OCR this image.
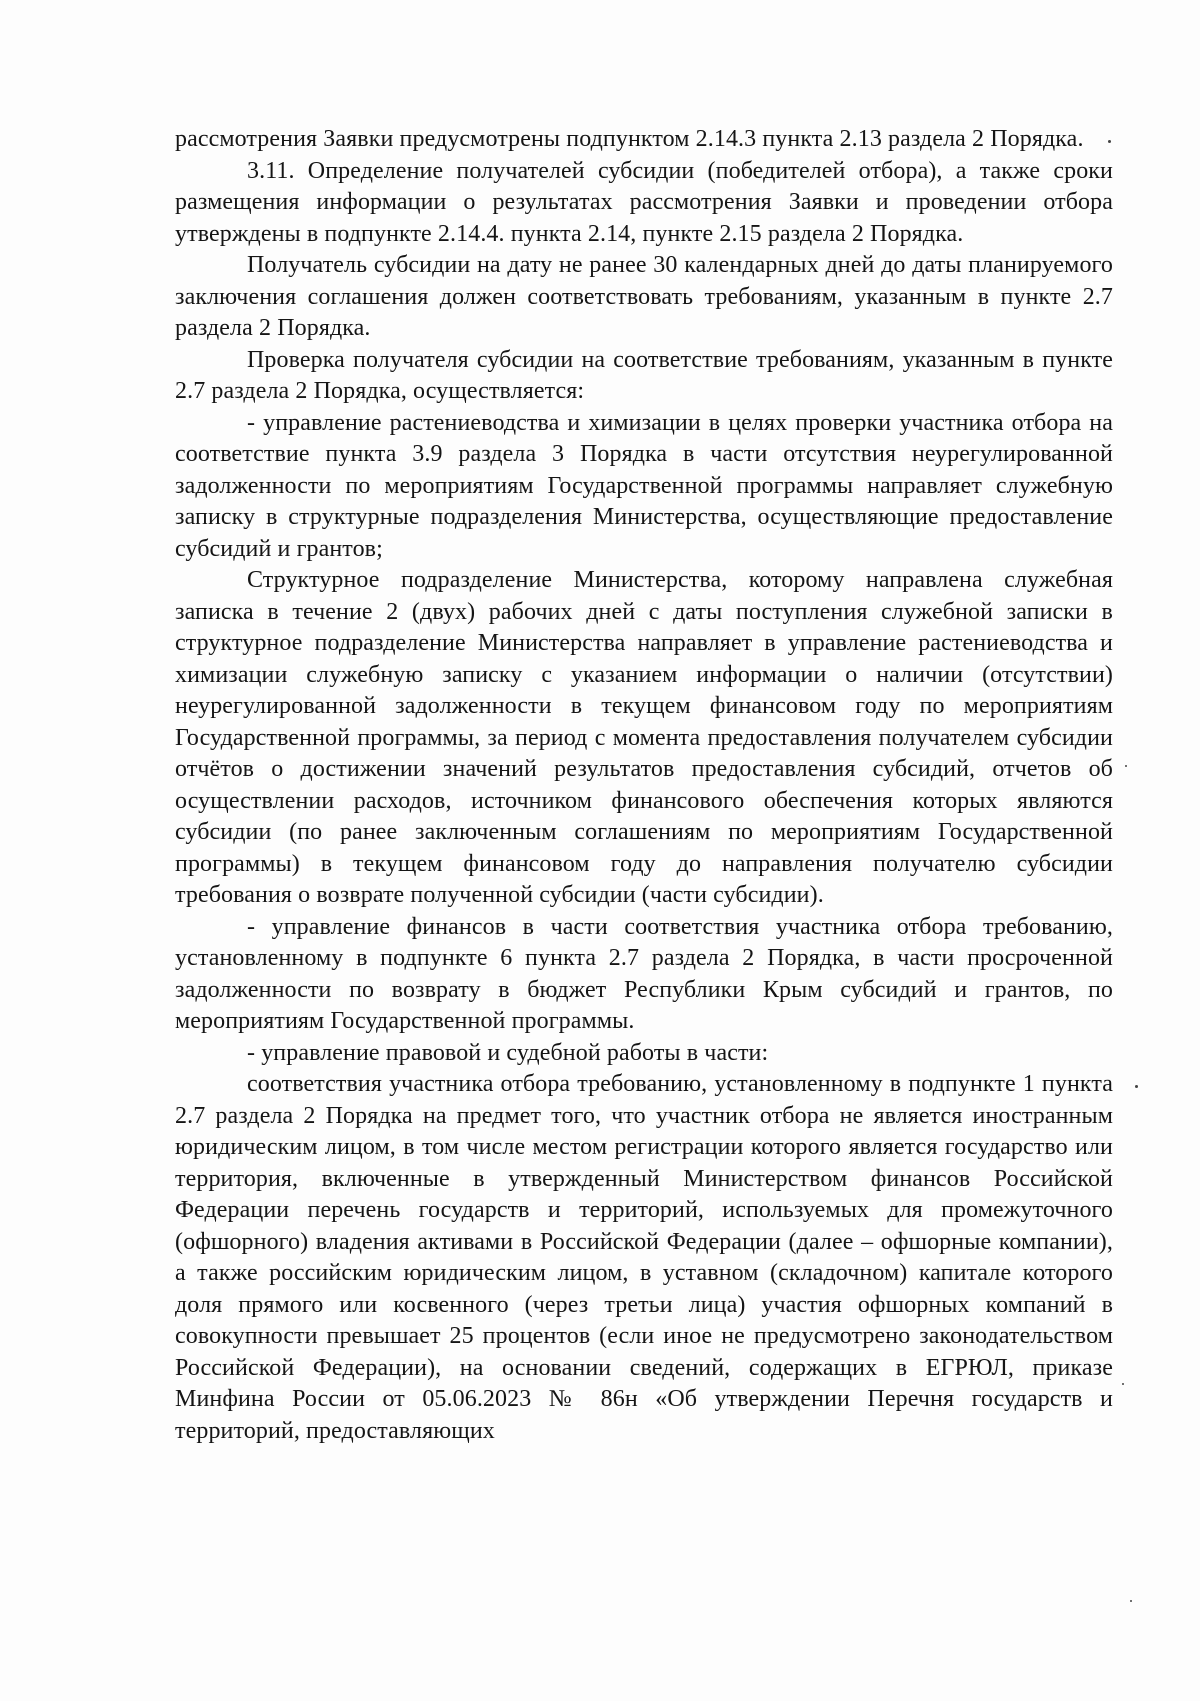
рассмотрения Заявки предусмотрены подпунктом 2.14.3 пункта 2.13 раздела 2 Порядка.

3.11. Определение получателей субсидии (победителей отбора), а также сроки размещения информации о результатах рассмотрения Заявки и проведении отбора утверждены в подпункте 2.14.4. пункта 2.14, пункте 2.15 раздела 2 Порядка.

Получатель субсидии на дату не ранее 30 календарных дней до даты планируемого заключения соглашения должен соответствовать требованиям, указанным в пункте 2.7 раздела 2 Порядка.

Проверка получателя субсидии на соответствие требованиям, указанным в пункте 2.7 раздела 2 Порядка, осуществляется:

- управление растениеводства и химизации в целях проверки участника отбора на соответствие пункта 3.9 раздела 3 Порядка в части отсутствия неурегулированной задолженности по мероприятиям Государственной программы направляет служебную записку в структурные подразделения Министерства, осуществляющие предоставление субсидий и грантов;

Структурное подразделение Министерства, которому направлена служебная записка в течение 2 (двух) рабочих дней с даты поступления служебной записки в структурное подразделение Министерства направляет в управление растениеводства и химизации служебную записку с указанием информации о наличии (отсутствии) неурегулированной задолженности в текущем финансовом году по мероприятиям Государственной программы, за период с момента предоставления получателем субсидии отчётов о достижении значений результатов предоставления субсидий, отчетов об осуществлении расходов, источником финансового обеспечения которых являются субсидии (по ранее заключенным соглашениям по мероприятиям Государственной программы) в текущем финансовом году до направления получателю субсидии требования о возврате полученной субсидии (части субсидии).

- управление финансов в части соответствия участника отбора требованию, установленному в подпункте 6 пункта 2.7 раздела 2 Порядка, в части просроченной задолженности по возврату в бюджет Республики Крым субсидий и грантов, по мероприятиям Государственной программы.

- управление правовой и судебной работы в части:

соответствия участника отбора требованию, установленному в подпункте 1 пункта 2.7 раздела 2 Порядка на предмет того, что участник отбора не является иностранным юридическим лицом, в том числе местом регистрации которого является государство или территория, включенные в утвержденный Министерством финансов Российской Федерации перечень государств и территорий, используемых для промежуточного (офшорного) владения активами в Российской Федерации (далее – офшорные компании), а также российским юридическим лицом, в уставном (складочном) капитале которого доля прямого или косвенного (через третьи лица) участия офшорных компаний в совокупности превышает 25 процентов (если иное не предусмотрено законодательством Российской Федерации), на основании сведений, содержащих в ЕГРЮЛ, приказе Минфина России от 05.06.2023 № 86н «Об утверждении Перечня государств и территорий, предоставляющих
